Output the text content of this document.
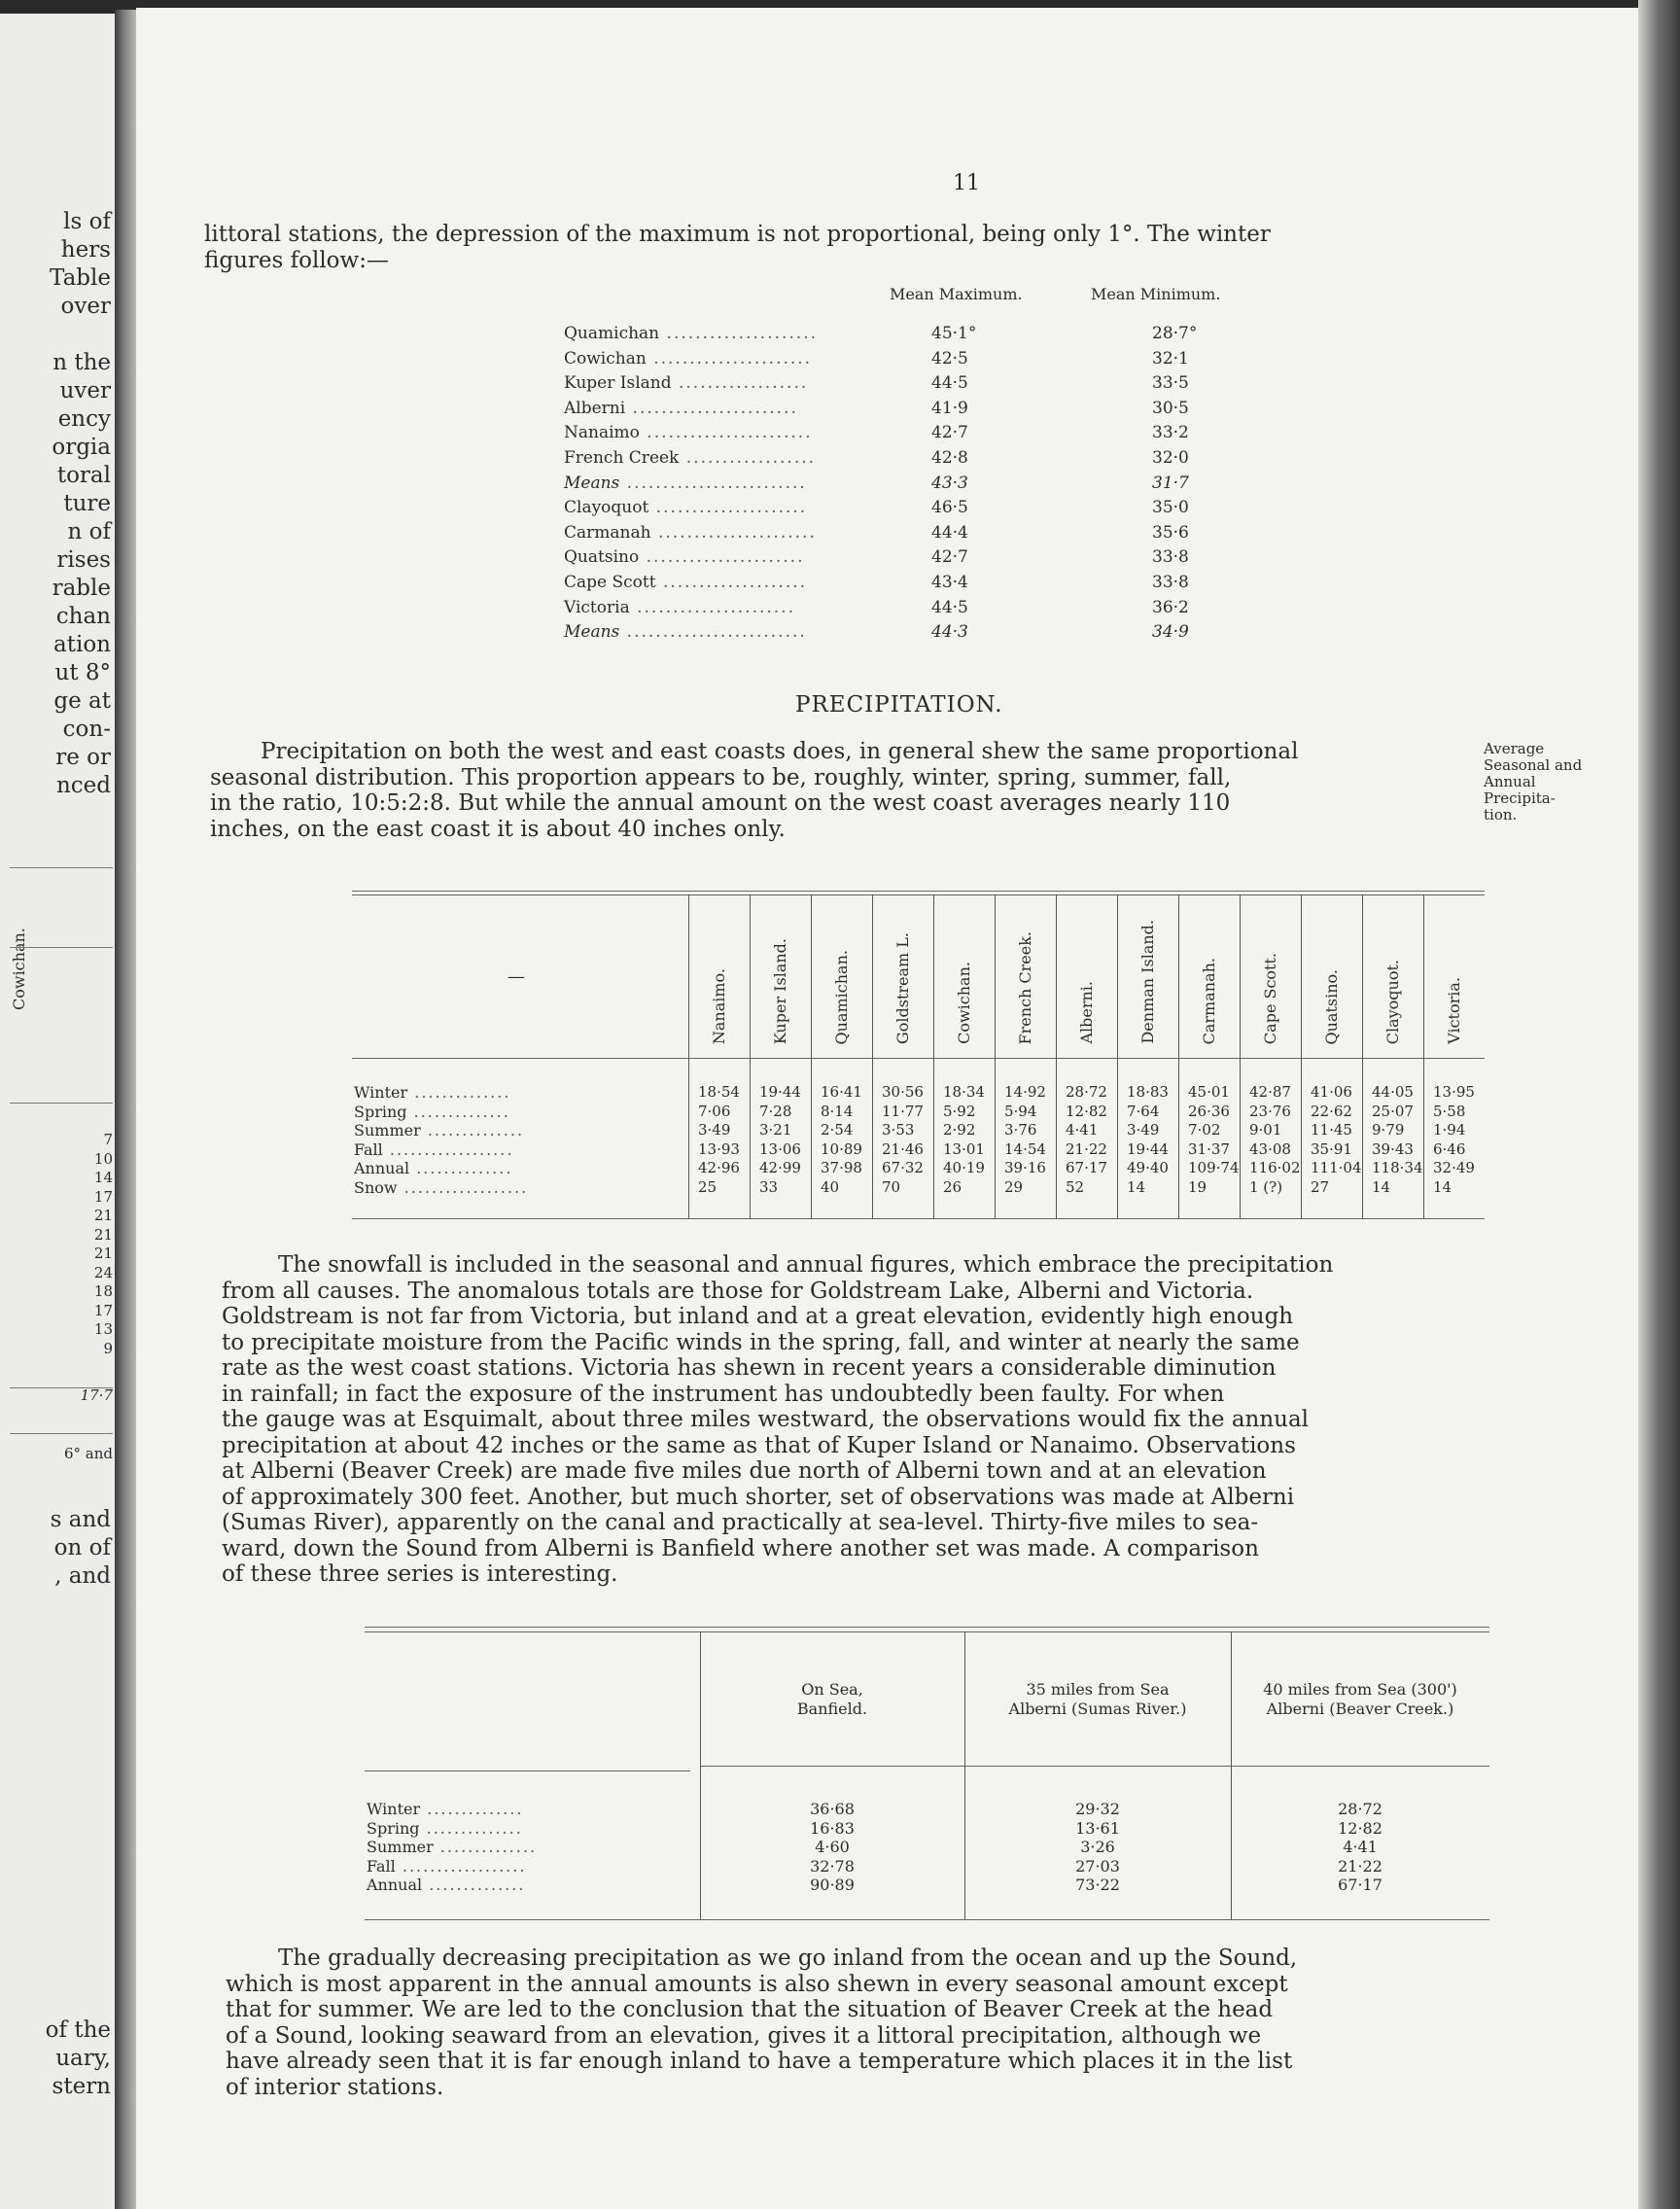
Cowichan.
ls of
hers
Table
over
n the
uver
ency
orgia
toral
ture
n of
rises
rable
chan
ation
ut 8°
ge at
con-
re or
nced
7
10
14
17
21
21
21
24
18
17
13
9
17·7
6° and
s and
on of
, and
of the
uary,
stern
11
littoral stations, the depression of the maximum is not proportional, being only 1°. The winter
figures follow:—
Mean Maximum.	Mean Minimum.
Quamichan .....................	45·1°	28·7°
Cowichan ......................	42·5	32·1
Kuper Island ..................	44·5	33·5
Alberni .......................	41·9	30·5
Nanaimo .......................	42·7	33·2
French Creek ..................	42·8	32·0
Means .........................	43·3	31·7
Clayoquot .....................	46·5	35·0
Carmanah ......................	44·4	35·6
Quatsino ......................	42·7	33·8
Cape Scott ....................	43·4	33·8
Victoria ......................	44·5	36·2
Means .........................	44·3	34·9
PRECIPITATION.
Precipitation on both the west and east coasts does, in general shew the same proportional
seasonal distribution. This proportion appears to be, roughly, winter, spring, summer, fall,
in the ratio, 10:5:2:8. But while the annual amount on the west coast averages nearly 110
inches, on the east coast it is about 40 inches only.
Average
Seasonal and
Annual
Precipita-
tion.
—	Nanaimo.	Kuper Island.	Quamichan.	Goldstream L.	Cowichan.	French Creek.	Alberni.	Denman Island.	Carmanah.	Cape Scott.	Quatsino.	Clayoquot.	Victoria.
Winter ..............	18·54 19·44 16·41 30·56 18·34 14·92 28·72 18·83 45·01 42·87 41·06 44·05 13·95
Spring ..............	7·06 7·28 8·14 11·77 5·92 5·94 12·82 7·64 26·36 23·76 22·62 25·07 5·58
Summer ..............	3·49 3·21 2·54 3·53 2·92 3·76 4·41 3·49 7·02 9·01 11·45 9·79 1·94
Fall ..................	13·93 13·06 10·89 21·46 13·01 14·54 21·22 19·44 31·37 43·08 35·91 39·43 6·46
Annual ..............	42·96 42·99 37·98 67·32 40·19 39·16 67·17 49·40 109·74 116·02 111·04 118·34 32·49
Snow ..................	25	33	40	70	26	29	52	14	19	1 (?) 27	14	14
The snowfall is included in the seasonal and annual figures, which embrace the precipitation
from all causes. The anomalous totals are those for Goldstream Lake, Alberni and Victoria.
Goldstream is not far from Victoria, but inland and at a great elevation, evidently high enough
to precipitate moisture from the Pacific winds in the spring, fall, and winter at nearly the same
rate as the west coast stations. Victoria has shewn in recent years a considerable diminution
in rainfall; in fact the exposure of the instrument has undoubtedly been faulty. For when
the gauge was at Esquimalt, about three miles westward, the observations would fix the annual
precipitation at about 42 inches or the same as that of Kuper Island or Nanaimo. Observations
at Alberni (Beaver Creek) are made five miles due north of Alberni town and at an elevation
of approximately 300 feet. Another, but much shorter, set of observations was made at Alberni
(Sumas River), apparently on the canal and practically at sea-level. Thirty-five miles to sea-
ward, down the Sound from Alberni is Banfield where another set was made. A comparison
of these three series is interesting.
On Sea,
Banfield.
35 miles from Sea
Alberni (Sumas River.)
40 miles from Sea (300')
Alberni (Beaver Creek.)
Winter ..............	36·68	29·32	28·72
Spring ..............	16·83	13·61	12·82
Summer ..............	4·60	3·26	4·41
Fall ..................	32·78	27·03	21·22
Annual ..............	90·89	73·22	67·17
The gradually decreasing precipitation as we go inland from the ocean and up the Sound,
which is most apparent in the annual amounts is also shewn in every seasonal amount except
that for summer. We are led to the conclusion that the situation of Beaver Creek at the head
of a Sound, looking seaward from an elevation, gives it a littoral precipitation, although we
have already seen that it is far enough inland to have a temperature which places it in the list
of interior stations.
